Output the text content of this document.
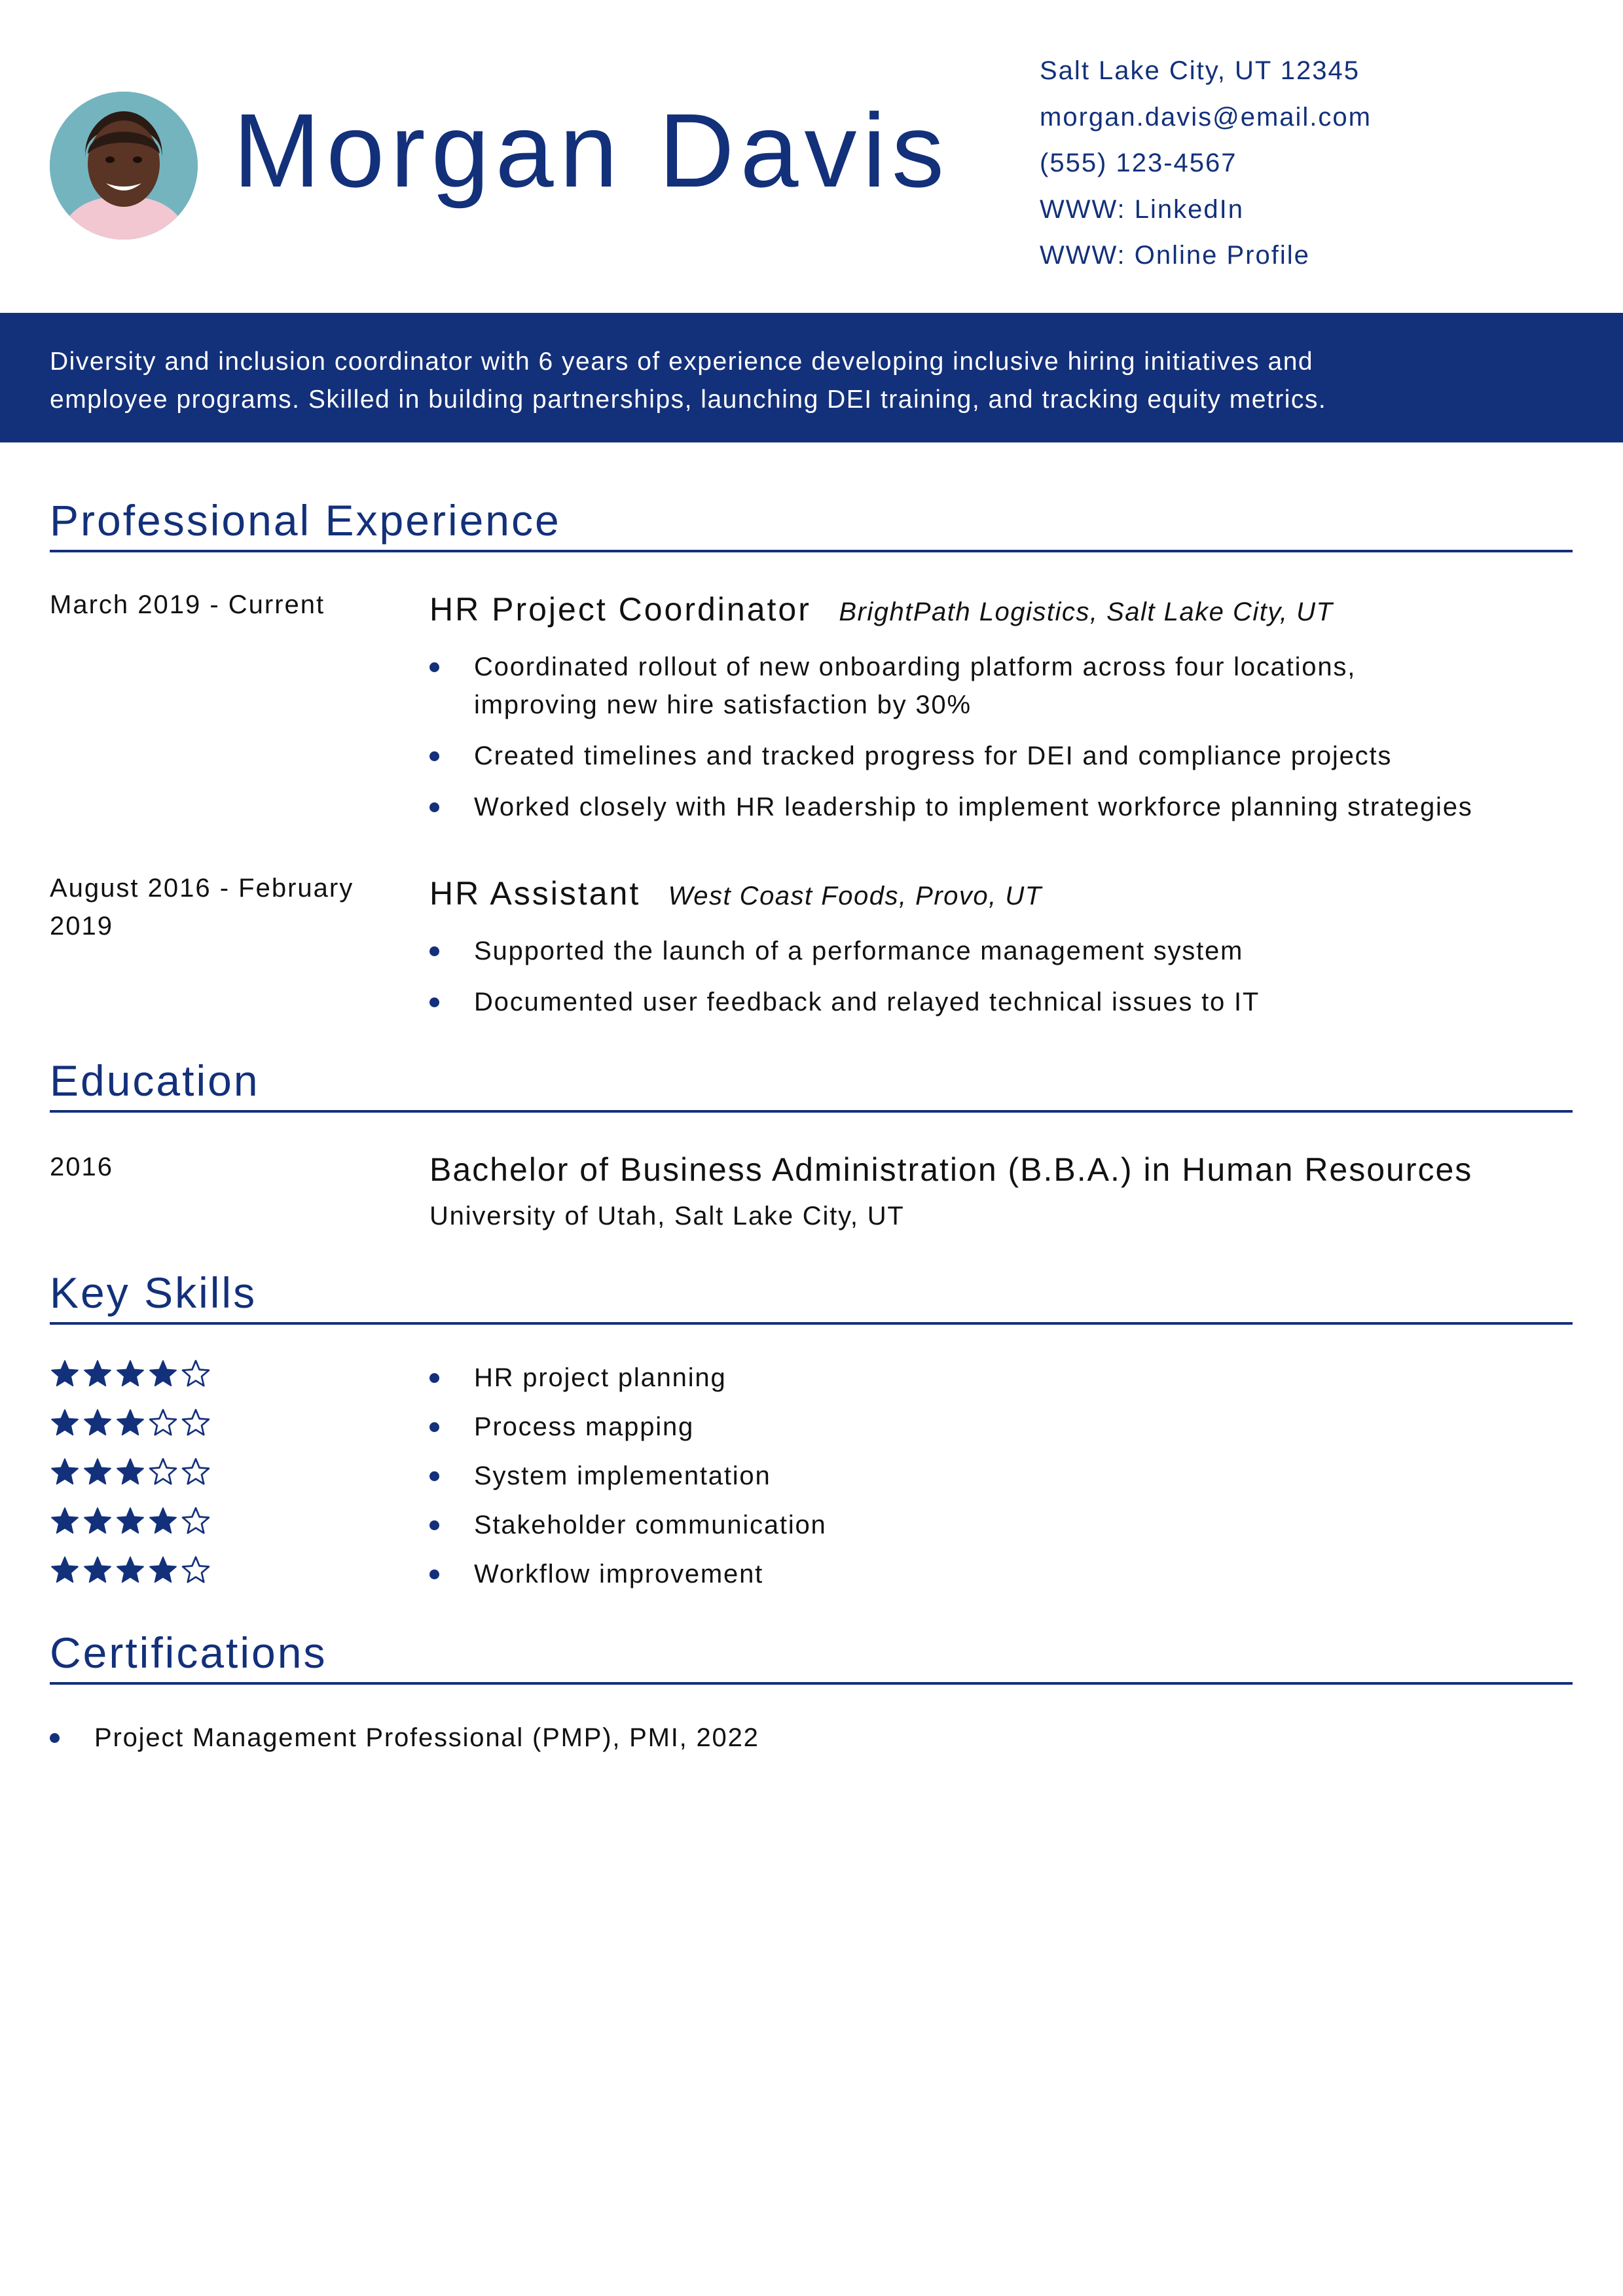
Morgan Davis
Salt Lake City, UT 12345
morgan.davis@email.com
(555) 123-4567
WWW: LinkedIn
WWW: Online Profile
Diversity and inclusion coordinator with 6 years of experience developing inclusive hiring initiatives and
employee programs. Skilled in building partnerships, launching DEI training, and tracking equity metrics.
Professional Experience
March 2019 - Current	HR Project Coordinator BrightPath Logistics, Salt Lake City, UT
Coordinated rollout of new onboarding platform across four locations,
improving new hire satisfaction by 30%
Created timelines and tracked progress for DEI and compliance projects
Worked closely with HR leadership to implement workforce planning strategies
August 2016 - February
2019
HR Assistant West Coast Foods, Provo, UT
Supported the launch of a performance management system
Documented user feedback and relayed technical issues to IT
Education
2016	Bachelor of Business Administration (B.B.A.) in Human Resources
University of Utah, Salt Lake City, UT
Key Skills
HR project planning
Process mapping
System implementation
Stakeholder communication
Workflow improvement
Certifications
Project Management Professional (PMP), PMI, 2022
